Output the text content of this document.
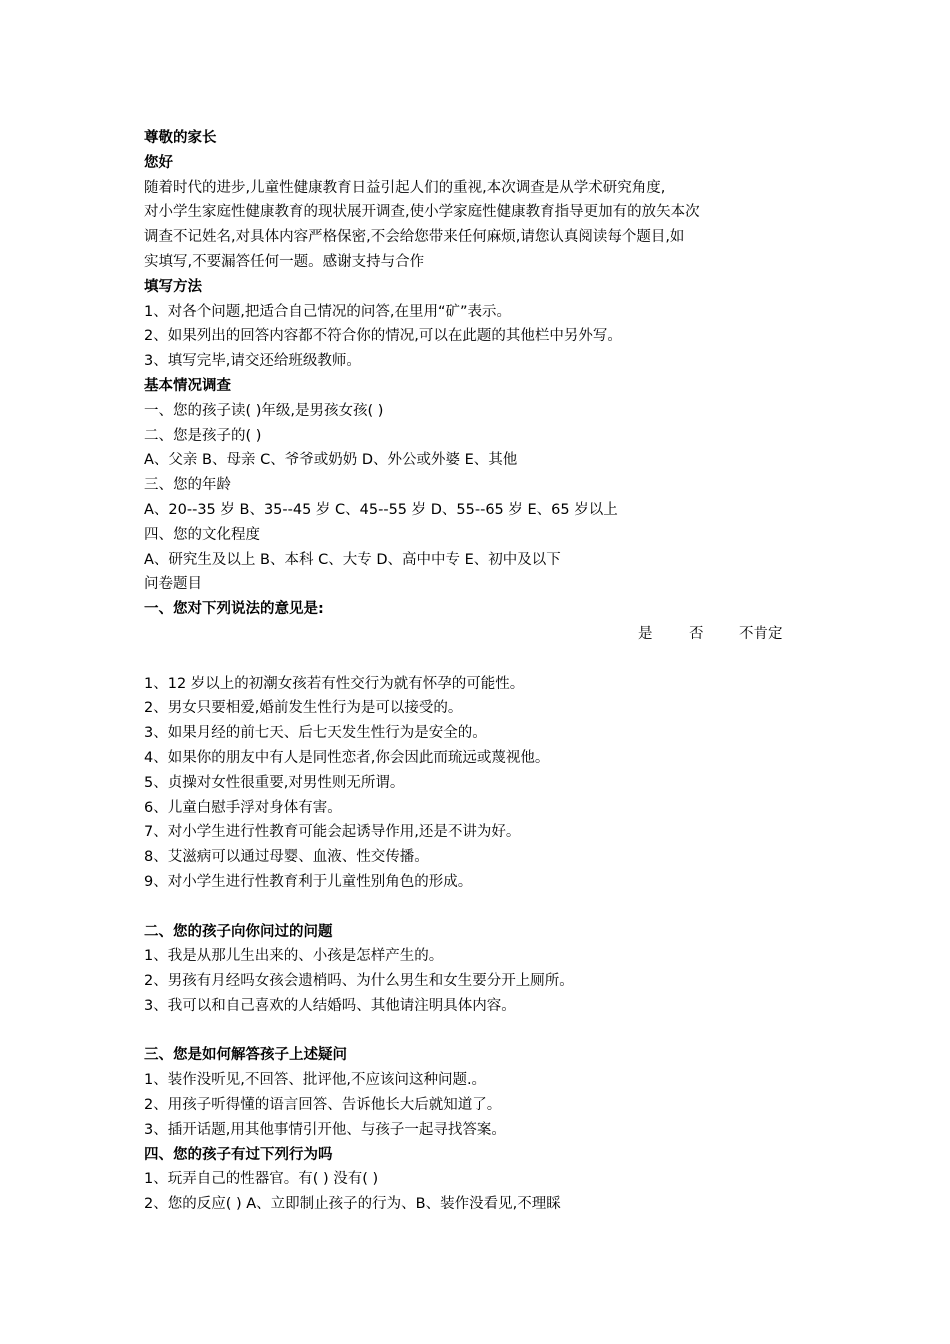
尊敬的家长
您好
随着时代的进步,儿童性健康教育日益引起人们的重视,本次调查是从学术研究角度,
对小学生家庭性健康教育的现状展开调查,使小学家庭性健康教育指导更加有的放矢本次
调查不记姓名,对具体内容严格保密,不会给您带来任何麻烦,请您认真阅读每个题目,如
实填写,不要漏答任何一题。感谢支持与合作
填写方法
1、对各个问题,把适合自己情况的问答,在里用“矿”表示。
2、如果列出的回答内容都不符合你的情况,可以在此题的其他栏中另外写。
3、填写完毕,请交还给班级教师。
基本情况调查
一、您的孩子读( )年级,是男孩女孩( )
二、您是孩子的( )
A、父亲 B、母亲 C、爷爷或奶奶 D、外公或外婆 E、其他
三、您的年龄
A、20--35 岁 B、35--45 岁 C、45--55 岁 D、55--65 岁 E、65 岁以上
四、您的文化程度
A、研究生及以上 B、本科 C、大专 D、高中中专 E、初中及以下
问卷题目
一、您对下列说法的意见是:
是	否 不肯定
1、12 岁以上的初潮女孩若有性交行为就有怀孕的可能性。
2、男女只要相爱,婚前发生性行为是可以接受的。
3、如果月经的前七天、后七天发生性行为是安全的。
4、如果你的朋友中有人是同性恋者,你会因此而琉远或蔑视他。
5、贞操对女性很重要,对男性则无所谓。
6、儿童白慰手浮对身体有害。
7、对小学生进行性教育可能会起诱导作用,还是不讲为好。
8、艾滋病可以通过母婴、血液、性交传播。
9、对小学生进行性教育利于儿童性别角色的形成。
二、您的孩子向你问过的问题
1、我是从那儿生出来的、小孩是怎样产生的。
2、男孩有月经吗女孩会遗梢吗、为什么男生和女生要分开上厕所。
3、我可以和自己喜欢的人结婚吗、其他请注明具体内容。
三、您是如何解答孩子上述疑问
1、装作没听见,不回答、批评他,不应该问这种问题.。
2、用孩子听得懂的语言回答、告诉他长大后就知道了。
3、插开话题,用其他事情引开他、与孩子一起寻找答案。
四、您的孩子有过下列行为吗
1、玩弄自己的性器官。有( ) 没有( )
2、您的反应( ) A、立即制止孩子的行为、B、装作没看见,不理睬
